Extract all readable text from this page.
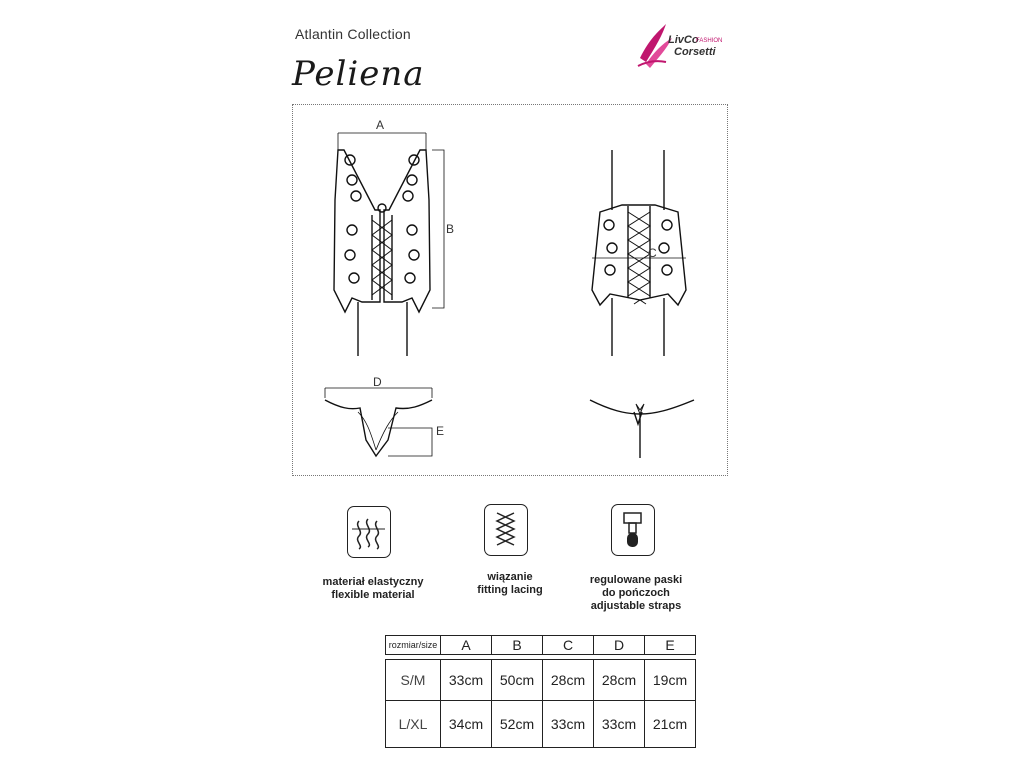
Atlantin Collection
Peliena
LivCo
FASHION
Corsetti
A
B
C
D
E
materiał elastyczny
flexible material
wiązanie
fitting lacing
regulowane paski
do pończoch
adjustable straps
rozmiar/size	A	B	C	D	E

S/M	33cm	50cm	28cm	28cm	19cm
L/XL	34cm	52cm	33cm	33cm	21cm
